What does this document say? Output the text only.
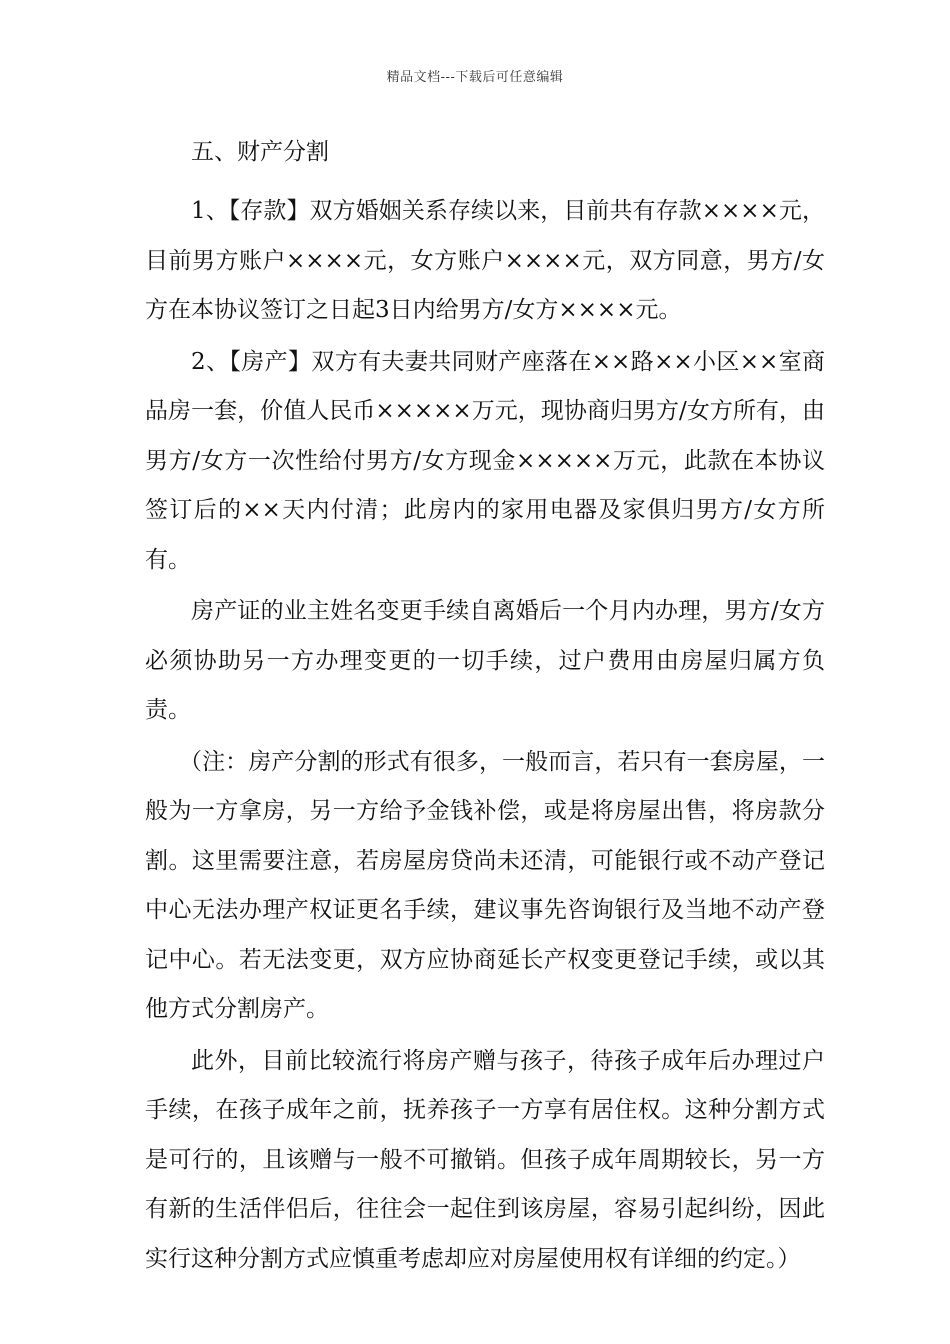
精品文档---下载后可任意编辑
五、财产分割

1、【存款】双方婚姻关系存续以来，目前共有存款××××元，目前男方账户××××元，女方账户××××元，双方同意，男方/女方在本协议签订之日起3日内给男方/女方××××元。

2、【房产】双方有夫妻共同财产座落在××路××小区××室商品房一套，价值人民币×××××万元，现协商归男方/女方所有，由男方/女方一次性给付男方/女方现金×××××万元，此款在本协议签订后的××天内付清；此房内的家用电器及家俱归男方/女方所有。

房产证的业主姓名变更手续自离婚后一个月内办理，男方/女方必须协助另一方办理变更的一切手续，过户费用由房屋归属方负责。

（注：房产分割的形式有很多，一般而言，若只有一套房屋，一般为一方拿房，另一方给予金钱补偿，或是将房屋出售，将房款分割。这里需要注意，若房屋房贷尚未还清，可能银行或不动产登记中心无法办理产权证更名手续，建议事先咨询银行及当地不动产登记中心。若无法变更，双方应协商延长产权变更登记手续，或以其他方式分割房产。

此外，目前比较流行将房产赠与孩子，待孩子成年后办理过户手续，在孩子成年之前，抚养孩子一方享有居住权。这种分割方式是可行的，且该赠与一般不可撤销。但孩子成年周期较长，另一方有新的生活伴侣后，往往会一起住到该房屋，容易引起纠纷，因此实行这种分割方式应慎重考虑却应对房屋使用权有详细的约定。）
